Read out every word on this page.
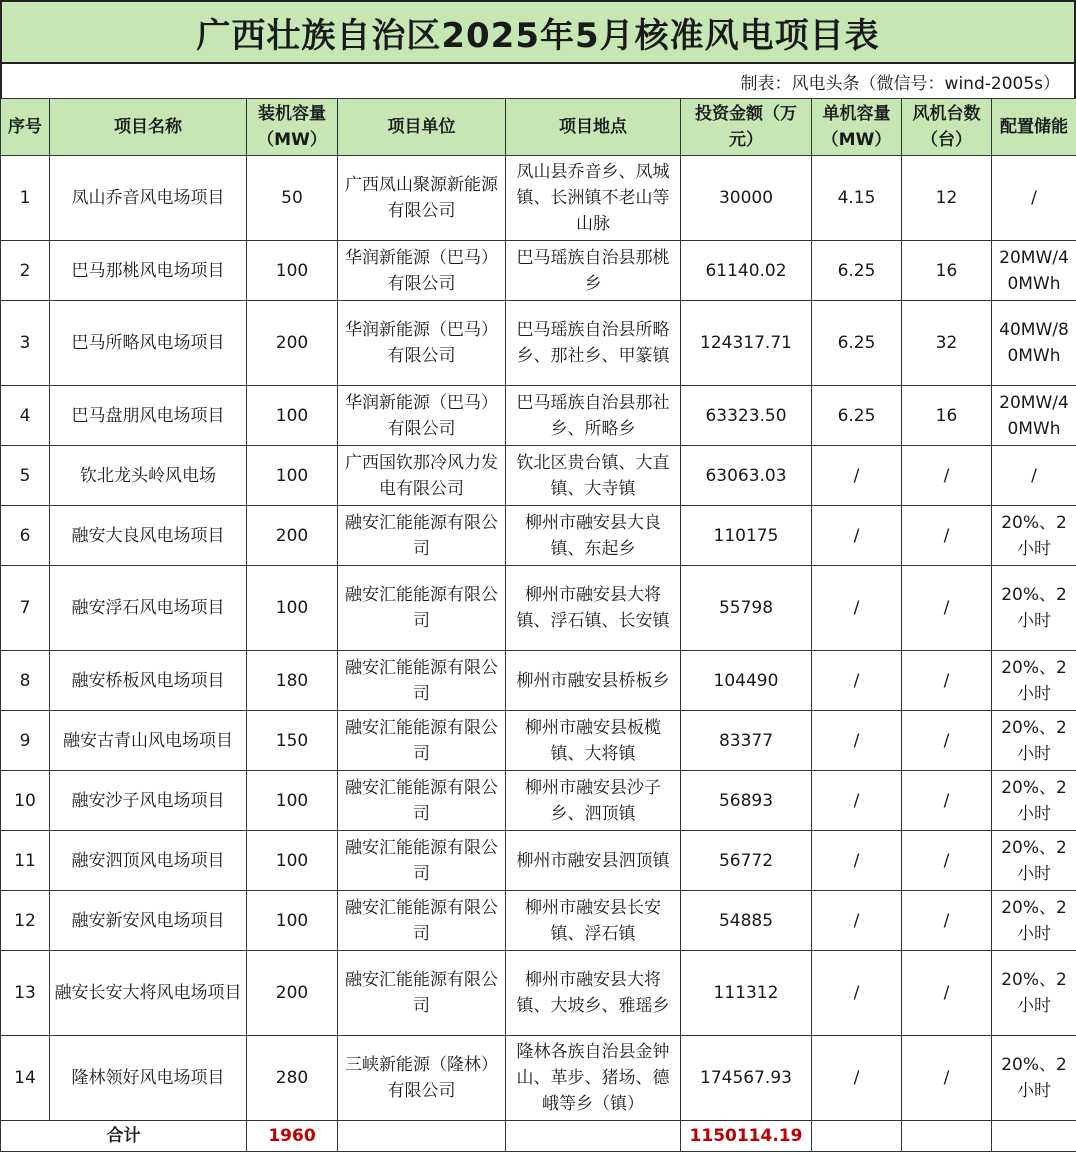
广西壮族自治区2025年5月核准风电项目表
制表：风电头条（微信号：wind-2005s）
序号	项目名称	装机容量（MW）	项目单位	项目地点	投资金额（万元）	单机容量（MW）	风机台数（台）	配置储能
1	凤山乔音风电场项目	50	广西凤山聚源新能源有限公司	凤山县乔音乡、凤城镇、长洲镇不老山等山脉	30000	4.15	12	/
2	巴马那桃风电场项目	100	华润新能源（巴马）有限公司	巴马瑶族自治县那桃乡	61140.02	6.25	16	20MW/40MWh
3	巴马所略风电场项目	200	华润新能源（巴马）有限公司	巴马瑶族自治县所略乡、那社乡、甲篆镇	124317.71	6.25	32	40MW/80MWh
4	巴马盘朋风电场项目	100	华润新能源（巴马）有限公司	巴马瑶族自治县那社乡、所略乡	63323.50	6.25	16	20MW/40MWh
5	钦北龙头岭风电场	100	广西国钦那冷风力发电有限公司	钦北区贵台镇、大直镇、大寺镇	63063.03	/	/	/
6	融安大良风电场项目	200	融安汇能能源有限公司	柳州市融安县大良镇、东起乡	110175	/	/	20%、2小时
7	融安浮石风电场项目	100	融安汇能能源有限公司	柳州市融安县大将镇、浮石镇、长安镇	55798	/	/	20%、2小时
8	融安桥板风电场项目	180	融安汇能能源有限公司	柳州市融安县桥板乡	104490	/	/	20%、2小时
9	融安古青山风电场项目	150	融安汇能能源有限公司	柳州市融安县板榄镇、大将镇	83377	/	/	20%、2小时
10	融安沙子风电场项目	100	融安汇能能源有限公司	柳州市融安县沙子乡、泗顶镇	56893	/	/	20%、2小时
11	融安泗顶风电场项目	100	融安汇能能源有限公司	柳州市融安县泗顶镇	56772	/	/	20%、2小时
12	融安新安风电场项目	100	融安汇能能源有限公司	柳州市融安县长安镇、浮石镇	54885	/	/	20%、2小时
13	融安长安大将风电场项目	200	融安汇能能源有限公司	柳州市融安县大将镇、大坡乡、雅瑶乡	111312	/	/	20%、2小时
14	隆林领好风电场项目	280	三峡新能源（隆林）有限公司	隆林各族自治县金钟山、革步、猪场、德峨等乡（镇）	174567.93	/	/	20%、2小时
合计		1960			1150114.19			
